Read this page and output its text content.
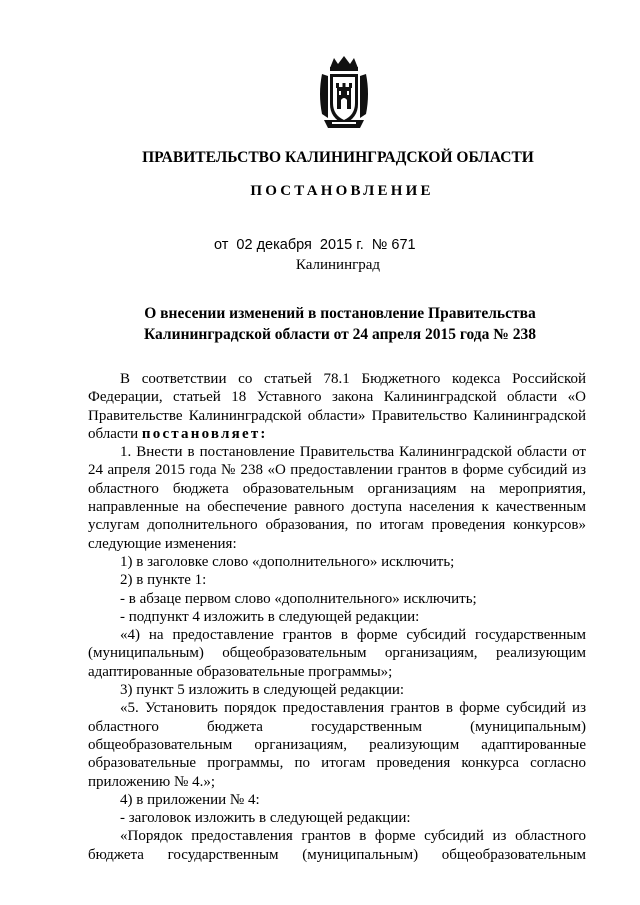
ПРАВИТЕЛЬСТВО КАЛИНИНГРАДСКОЙ ОБЛАСТИ
ПОСТАНОВЛЕНИЕ
от 02 декабря 2015 г. № 671
Калининград
О внесении изменений в постановление Правительства
Калининградской области от 24 апреля 2015 года № 238

В соответствии со статьей 78.1 Бюджетного кодекса Российской Федерации, статьей 18 Уставного закона Калининградской области «О Правительстве Калининградской области» Правительство Калининградской области постановляет:

1. Внести в постановление Правительства Калининградской области от 24 апреля 2015 года № 238 «О предоставлении грантов в форме субсидий из областного бюджета образовательным организациям на мероприятия, направленные на обеспечение равного доступа населения к качественным услугам дополнительного образования, по итогам проведения конкурсов» следующие изменения:

1) в заголовке слово «дополнительного» исключить;

2) в пункте 1:

- в абзаце первом слово «дополнительного» исключить;

- подпункт 4 изложить в следующей редакции:

«4) на предоставление грантов в форме субсидий государственным (муниципальным) общеобразовательным организациям, реализующим адаптированные образовательные программы»;

3) пункт 5 изложить в следующей редакции:

«5. Установить порядок предоставления грантов в форме субсидий из областного бюджета государственным (муниципальным) общеобразовательным организациям, реализующим адаптированные образовательные программы, по итогам проведения конкурса согласно приложению № 4.»;

4) в приложении № 4:

- заголовок изложить в следующей редакции:

«Порядок предоставления грантов в форме субсидий из областного бюджета государственным (муниципальным) общеобразовательным
